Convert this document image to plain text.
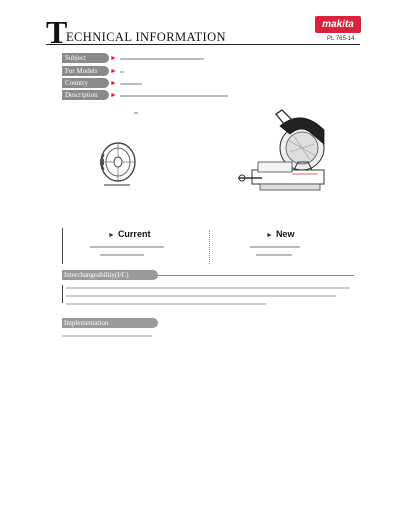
T
ECHNICAL INFORMATION
makita
PL 765-14
Subject	►
For Models	►
Country	►
Description	►
► Current	► New
Interchangeability(I/C)
Implementation
